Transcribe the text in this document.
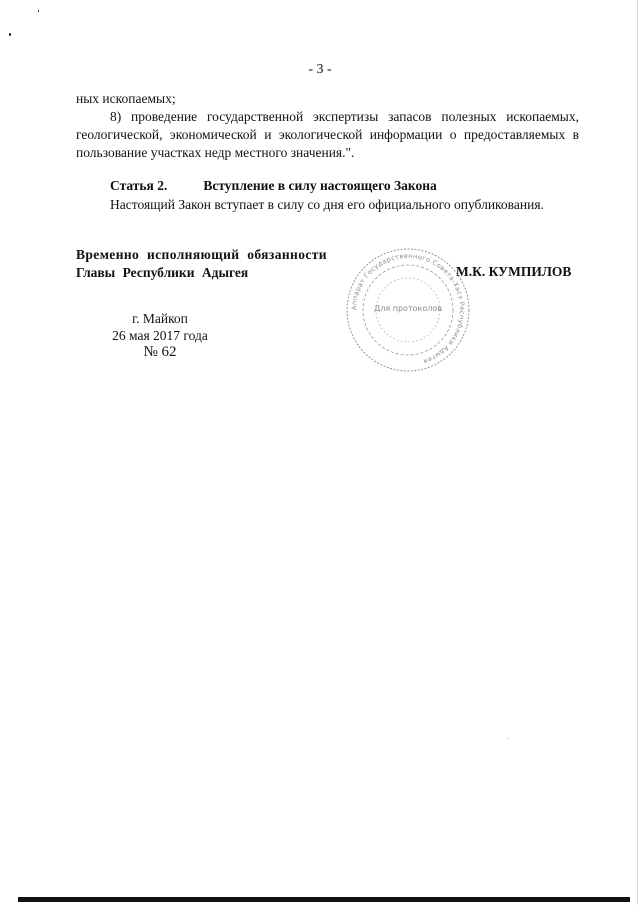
- 3 -
ных ископаемых;
8) проведение государственной экспертизы запасов полезных ископаемых, геологической, экономической и экологической информации о предоставляемых в пользование участках недр местного значения.".
Статья 2.	Вступление в силу настоящего Закона
Настоящий Закон вступает в силу со дня его официального опубликования.
Временно исполняющий обязанности
Главы Республики Адыгея
Аппарат Государственного Совета-Хасэ Республики Адыгея
Для протоколов
М.К. КУМПИЛОВ
г. Майкоп
26 мая 2017 года
№ 62
